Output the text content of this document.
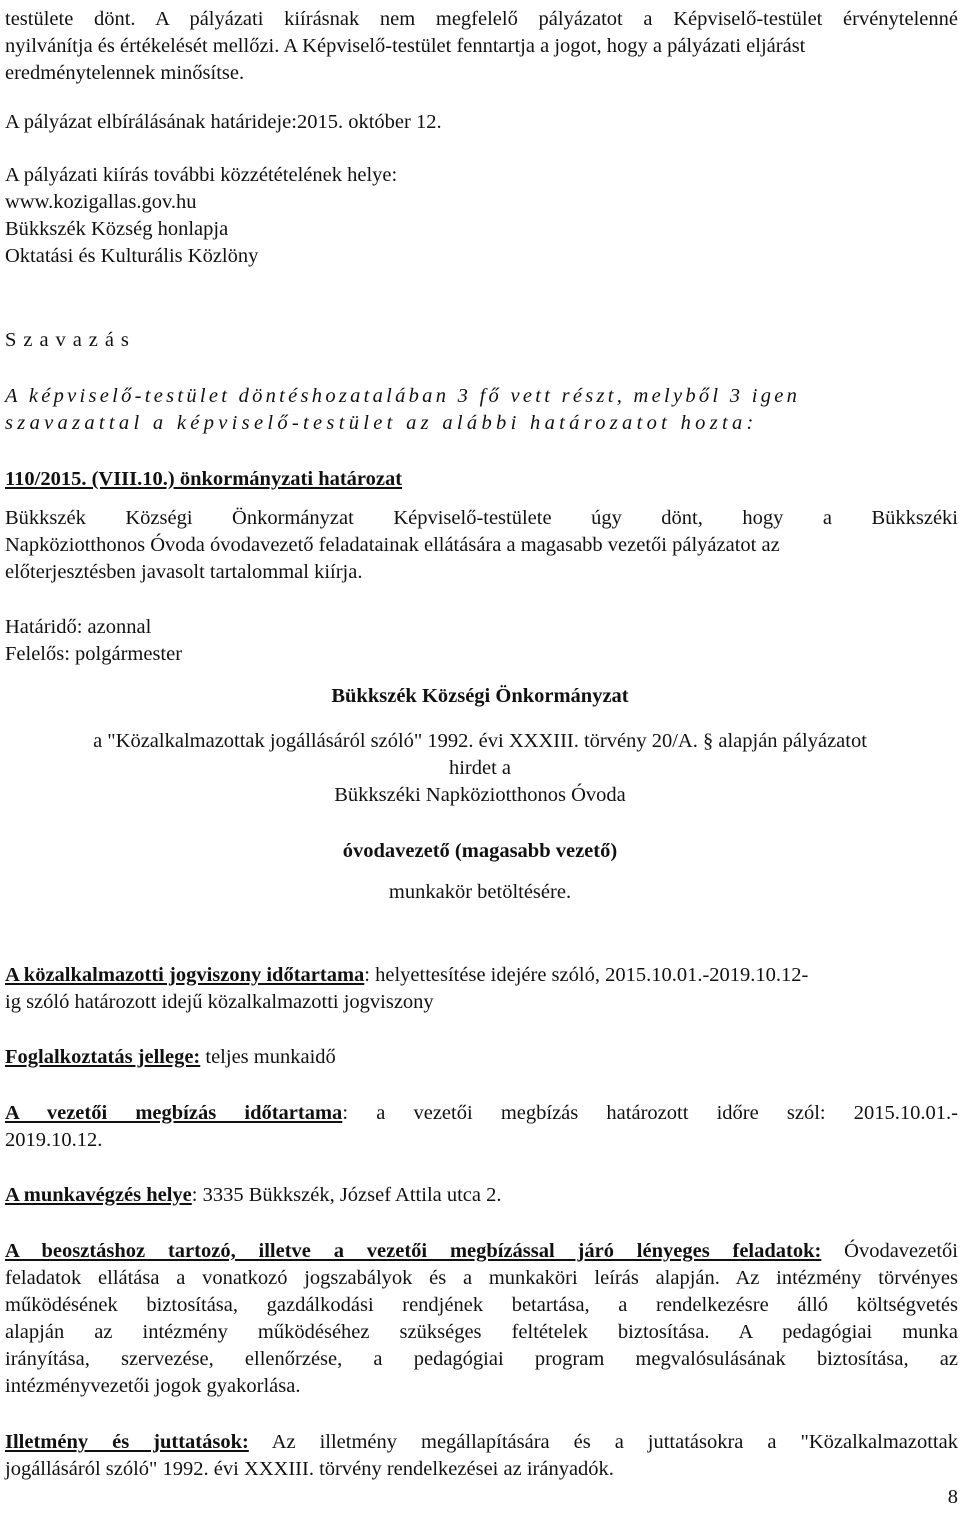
testülete dönt. A pályázati kiírásnak nem megfelelő pályázatot a Képviselő-testület érvénytelenné
nyilvánítja és értékelését mellőzi. A Képviselő-testület fenntartja a jogot, hogy a pályázati eljárást
eredménytelennek minősítse.
A pályázat elbírálásának határideje:2015. október 12.
A pályázati kiírás további közzétételének helye:
www.kozigallas.gov.hu
Bükkszék Község honlapja
Oktatási és Kulturális Közlöny
Szavazás
A képviselő-testület döntéshozatalában 3 fő vett részt, melyből 3 igen
szavazattal a képviselő-testület az alábbi határozatot hozta:
110/2015. (VIII.10.) önkormányzati határozat
Bükkszék Községi Önkormányzat Képviselő-testülete úgy dönt, hogy a Bükkszéki
Napköziotthonos Óvoda óvodavezető feladatainak ellátására a magasabb vezetői pályázatot az
előterjesztésben javasolt tartalommal kiírja.
Határidő: azonnal
Felelős: polgármester
Bükkszék Községi Önkormányzat
a "Közalkalmazottak jogállásáról szóló" 1992. évi XXXIII. törvény 20/A. § alapján pályázatot
hirdet a
Bükkszéki Napköziotthonos Óvoda
óvodavezető (magasabb vezető)
munkakör betöltésére.
A közalkalmazotti jogviszony időtartama: helyettesítése idejére szóló, 2015.10.01.-2019.10.12-
ig szóló határozott idejű közalkalmazotti jogviszony
Foglalkoztatás jellege: teljes munkaidő
A vezetői megbízás időtartama: a vezetői megbízás határozott időre szól: 2015.10.01.-
2019.10.12.
A munkavégzés helye: 3335 Bükkszék, József Attila utca 2.
A beosztáshoz tartozó, illetve a vezetői megbízással járó lényeges feladatok: Óvodavezetői
feladatok ellátása a vonatkozó jogszabályok és a munkaköri leírás alapján. Az intézmény törvényes
működésének biztosítása, gazdálkodási rendjének betartása, a rendelkezésre álló költségvetés
alapján az intézmény működéséhez szükséges feltételek biztosítása. A pedagógiai munka
irányítása, szervezése, ellenőrzése, a pedagógiai program megvalósulásának biztosítása, az
intézményvezetői jogok gyakorlása.
Illetmény és juttatások: Az illetmény megállapítására és a juttatásokra a "Közalkalmazottak
jogállásáról szóló" 1992. évi XXXIII. törvény rendelkezései az irányadók.
8
